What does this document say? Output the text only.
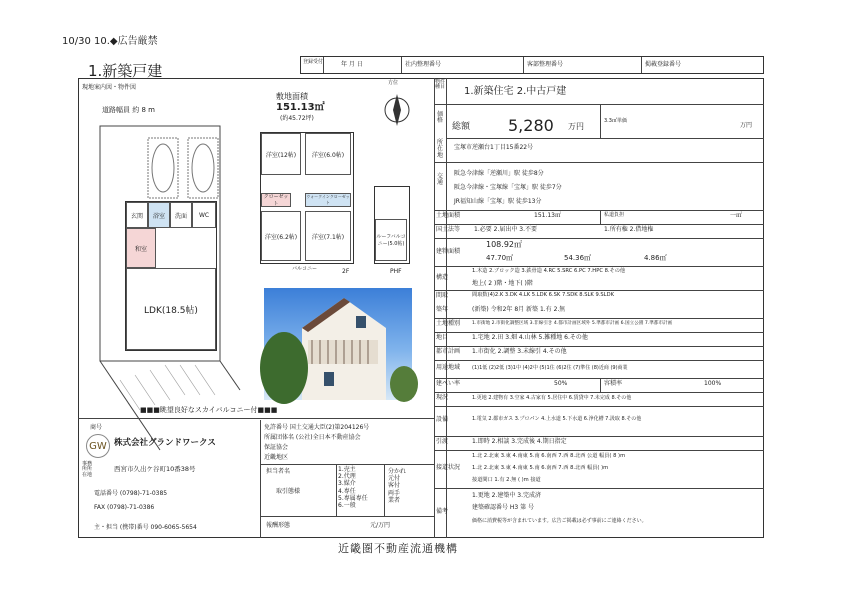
10/30 10.◆広告厳禁
1.新築戸建	登録受付	年 月 日	社内整理番号	客部整理番号	掲載登録番号
現地案内図・物件図
道路幅員 約 8 m
玄関	浴室	洗面	WC
和室
LDK(18.5帖)
敷地面積
151.13㎡
(約45.72坪)
方位
洋室(12帖)	洋室(6.0帖)
洋室(6.2帖)	洋室(7.1帖)
クローゼット
ウォークインクローゼット
バルコニー	2F
ルーフバルコニー(5.0帖)
PHF
■■■眺望良好なスカイバルコニー付■■■
商号
GW 株式会社グランドワークス
事務所所在地
西宮市久出ケ谷町10番38号
電話番号 (0798)-71-0385
FAX (0798)-71-0386
主・担当 (携帯)番号 090-6065-5654
免許番号 国土交通大臣(2)第204126号
所属団体名 (公社)全日本不動産協会
保証協会
近畿地区
担当者名
取引態様
1.売主
2.代理
3.媒介
4.専任
5.専属専任
6.一般
分かれ
元付
客付
両手
業者
報酬形態	元/万円
物件種目 1.新築住宅 2.中古戸建
価格
総額 5,280 万円
3.3㎡単価
万円
所在地
宝塚市逆瀬台1丁目15番22号
交通
阪急今津線「逆瀬川」駅 徒歩8分
阪急今津線・宝塚線「宝塚」駅 徒歩7分
JR福知山線「宝塚」駅 徒歩13分
土地面積	151.13㎡	私道負担	一㎡
国土法等 1.必要 2.届出中 3.不要	1.所有権 2.借地権
建物面積
108.92㎡
47.70㎡	54.36㎡	4.86㎡
構造
1.木造 2.ブロック造 3.鉄骨造 4.RC 5.SRC 6.PC 7.HPC 8.その他
地上( 2 )階・地下( )階
間取	間取数(4)2.K 3.DK 4.LK 5.LDK 6.SK 7.SDK 8.SLK 9.SLDK
築年	(新築) 令和2年 8月 新築 1.有 2.無
土地種別	1.市街地 2.市街化調整区域 3.非線引き 4.都市計画区域外 5.準都市計画 6.国立公園 7.準都市計画
地目	1.宅地 2.田 3.畑 4.山林 5.雑種地 6.その他
都市計画 1.市街化 2.調整 3.未線引 4.その他
用途地域 (1)1低 (2)2低 (3)1中 (4)2中 (5)1住 (6)2住 (7)準住 (8)近商 (9)商業
建ぺい率	50%	容積率	100%
現況	1.更地 2.建物有 3.空家 4.古家有 5.居住中 6.賃貸中 7.未完成 8.その他
設備	1.電気 2.都市ガス 3.プロパン 4.上水道 5.下水道 6.浄化槽 7.汲取 8.その他
引渡	1.即時 2.相談 3.完成後 4.期日指定
接道状況
1.北 2.北東 3.東 4.南東 5.南 6.南西 7.西 8.北西 公道 幅員( 8 )m
1.北 2.北東 3.東 4.南東 5.南 6.南西 7.西 8.北西 幅員( )m
接道間口 1.有 2.無 ( )m 接道
備考
1.更地 2.建築中 3.完成済
建築確認番号 H3 第 号
価格に消費税等が含まれています。広告ご掲載は必ず事前にご連絡ください。
近畿圏不動産流通機構
